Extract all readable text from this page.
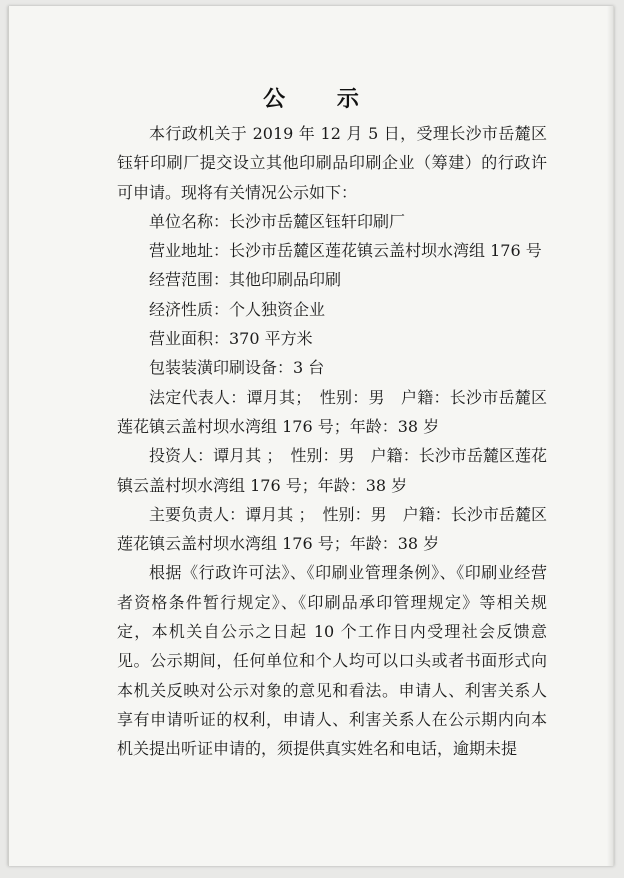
公 示

本行政机关于 2019 年 12 月 5 日，受理长沙市岳麓区钰轩印刷厂提交设立其他印刷品印刷企业（筹建）的行政许可申请。现将有关情况公示如下：

单位名称：长沙市岳麓区钰轩印刷厂

营业地址：长沙市岳麓区莲花镇云盖村坝水湾组 176 号

经营范围：其他印刷品印刷

经济性质：个人独资企业

营业面积：370 平方米

包装装潢印刷设备：3 台

法定代表人：谭月其；　性别：男　户籍：长沙市岳麓区莲花镇云盖村坝水湾组 176 号；年龄：38 岁

投资人：谭月其 ；　性别：男　户籍：长沙市岳麓区莲花镇云盖村坝水湾组 176 号；年龄：38 岁

主要负责人：谭月其 ；　性别：男　户籍：长沙市岳麓区莲花镇云盖村坝水湾组 176 号；年龄：38 岁

根据《行政许可法》、《印刷业管理条例》、《印刷业经营者资格条件暂行规定》、《印刷品承印管理规定》等相关规定，本机关自公示之日起 10 个工作日内受理社会反馈意见。公示期间，任何单位和个人均可以口头或者书面形式向本机关反映对公示对象的意见和看法。申请人、利害关系人享有申请听证的权利，申请人、利害关系人在公示期内向本机关提出听证申请的，须提供真实姓名和电话，逾期未提
